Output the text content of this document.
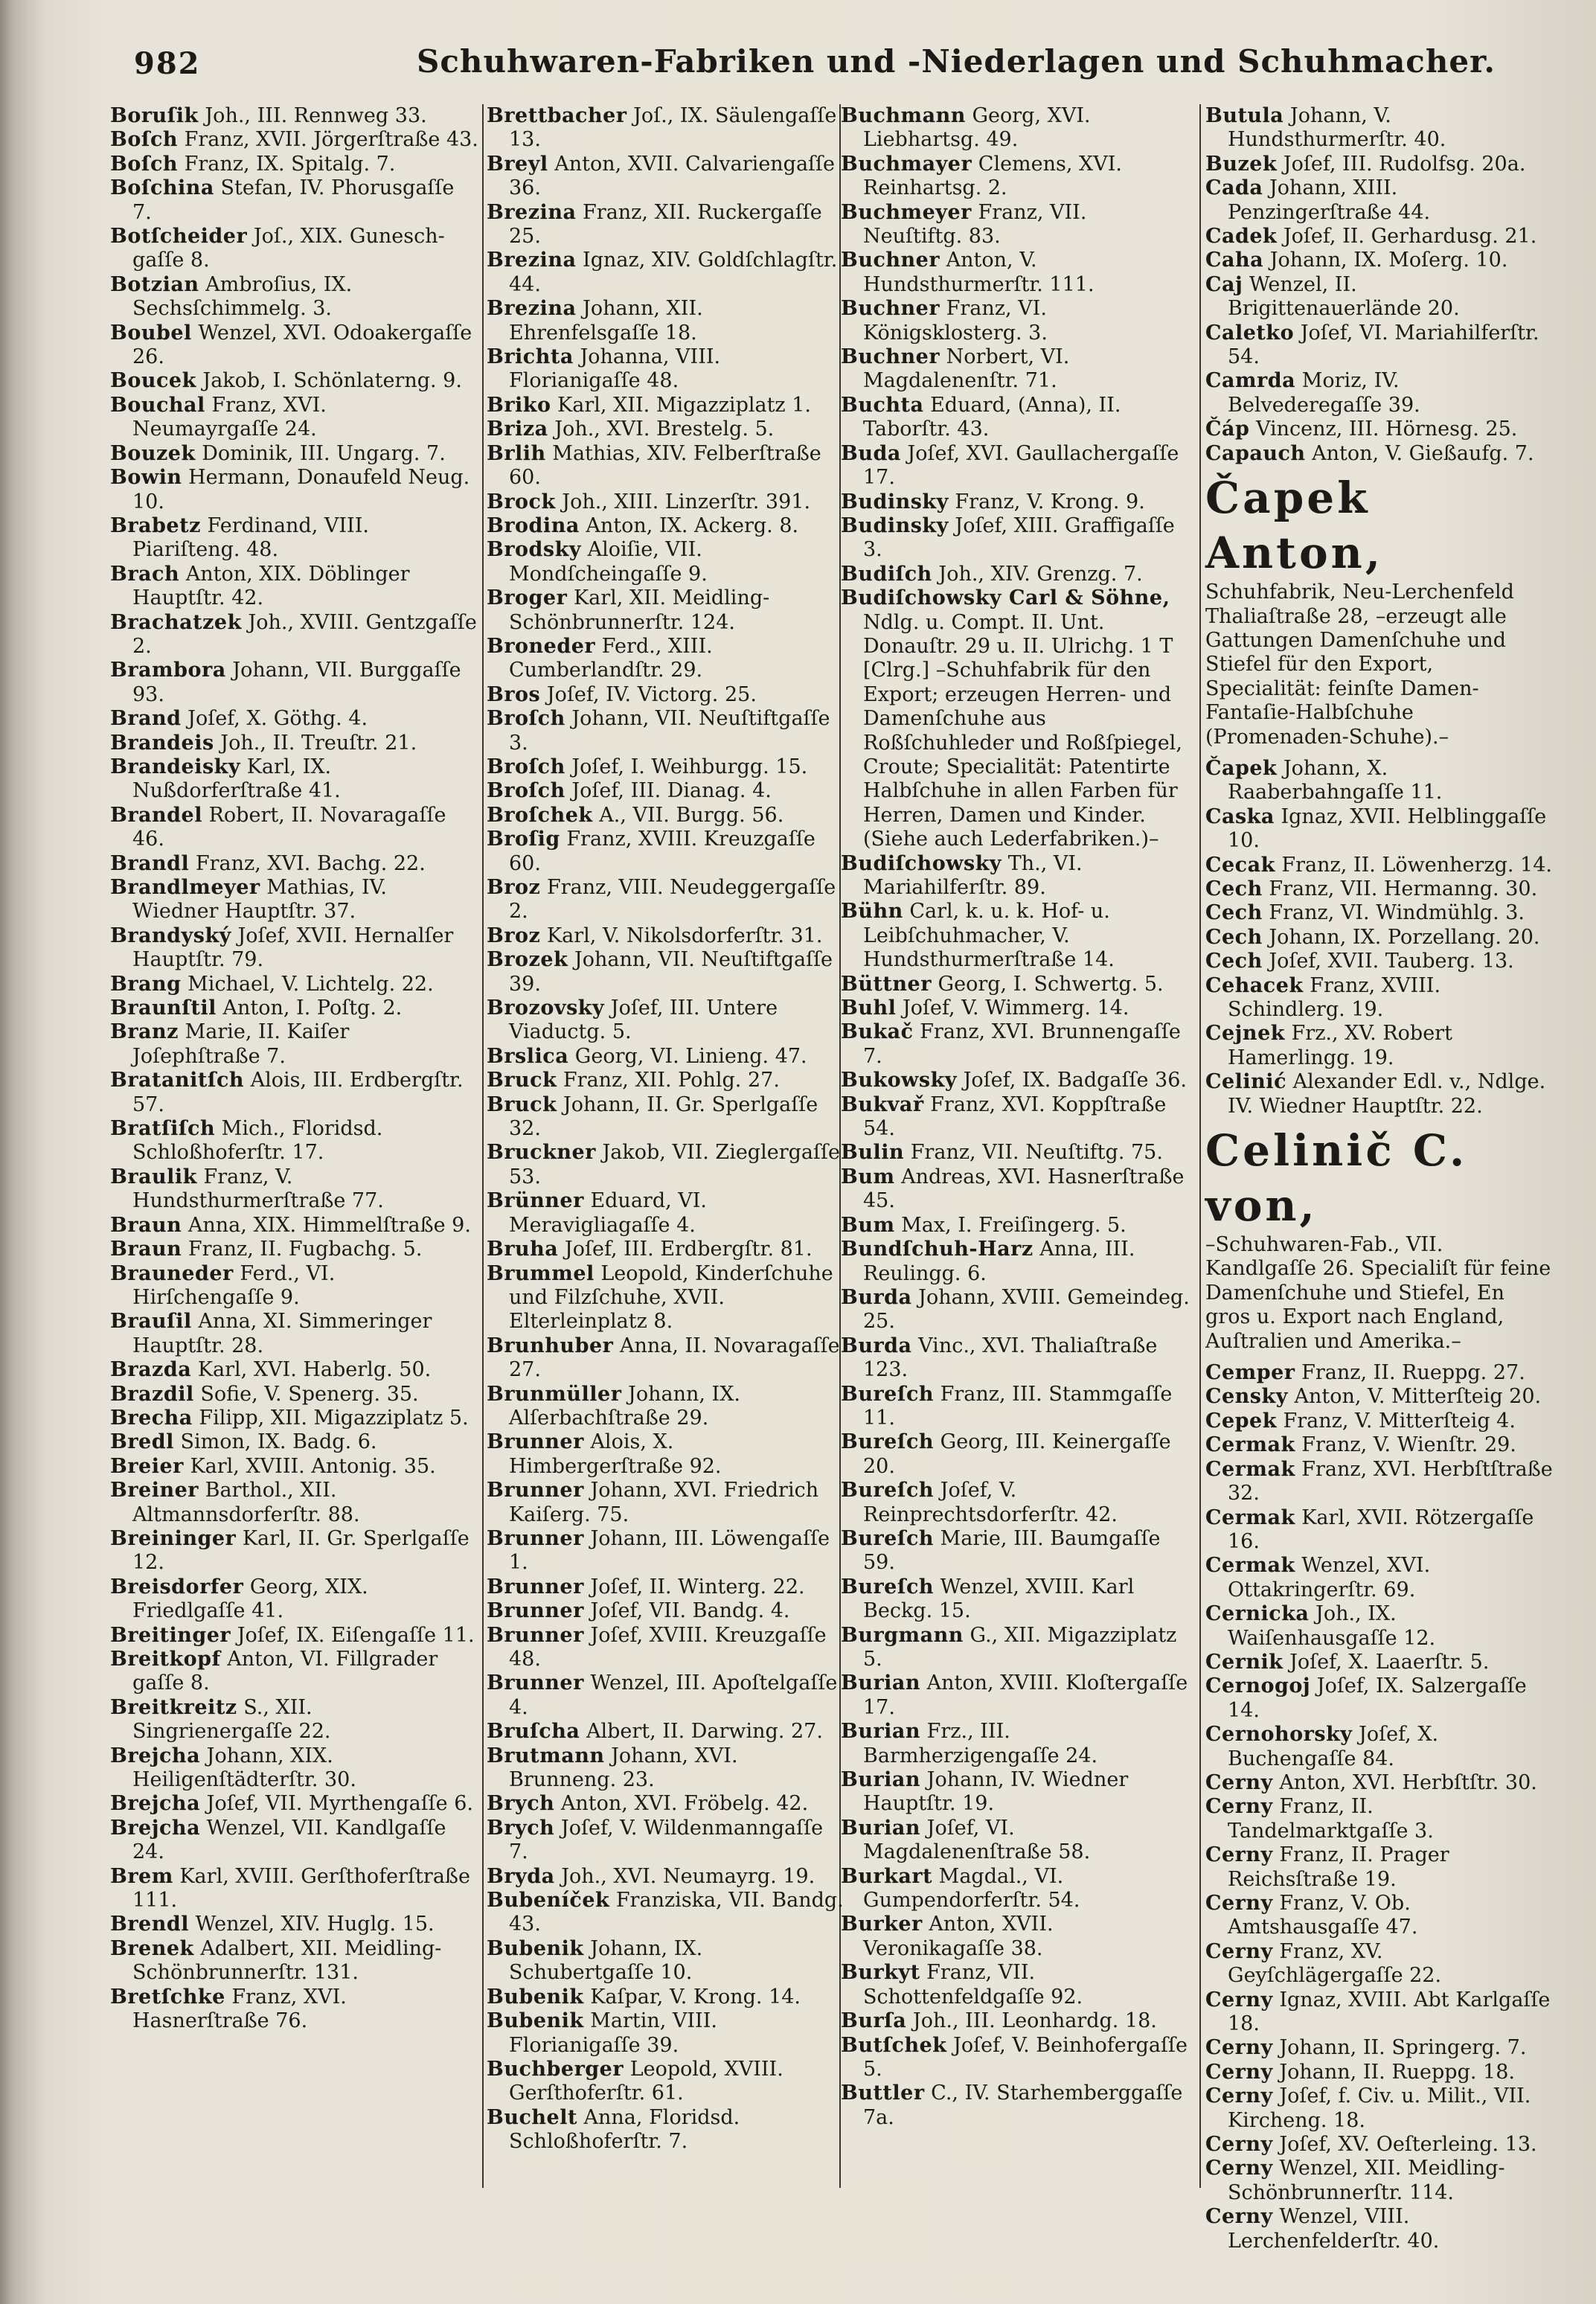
982	Schuhwaren-Fabriken und -Niederlagen und Schuhmacher.

Boruſik Joh., III. Rennweg 33.

Boſch Franz, XVII. Jörgerſtraße 43.

Boſch Franz, IX. Spitalg. 7.

Boſchina Stefan, IV. Phorusgaſſe 7.

Botſcheider Joſ., XIX. Gunesch-gaſſe 8.

Botzian Ambroſius, IX. Sechsſchimmelg. 3.

Boubel Wenzel, XVI. Odoakergaſſe 26.

Boucek Jakob, I. Schönlaterng. 9.

Bouchal Franz, XVI. Neumayrgaſſe 24.

Bouzek Dominik, III. Ungarg. 7.

Bowin Hermann, Donaufeld Neug. 10.

Brabetz Ferdinand, VIII. Piariſteng. 48.

Brach Anton, XIX. Döblinger Hauptſtr. 42.

Brachatzek Joh., XVIII. Gentzgaſſe 2.

Brambora Johann, VII. Burggaſſe 93.

Brand Joſef, X. Göthg. 4.

Brandeis Joh., II. Treuſtr. 21.

Brandeisky Karl, IX. Nußdorferſtraße 41.

Brandel Robert, II. Novaragaſſe 46.

Brandl Franz, XVI. Bachg. 22.

Brandlmeyer Mathias, IV. Wiedner Hauptſtr. 37.

Brandyský Joſef, XVII. Hernalſer Hauptſtr. 79.

Brang Michael, V. Lichtelg. 22.

Braunſtil Anton, I. Poſtg. 2.

Branz Marie, II. Kaiſer Joſephſtraße 7.

Bratanitſch Alois, III. Erdbergſtr. 57.

Bratſiſch Mich., Floridsd. Schloßhoferſtr. 17.

Braulik Franz, V. Hundsthurmerſtraße 77.

Braun Anna, XIX. Himmelſtraße 9.

Braun Franz, II. Fugbachg. 5.

Brauneder Ferd., VI. Hirſchengaſſe 9.

Brauſil Anna, XI. Simmeringer Hauptſtr. 28.

Brazda Karl, XVI. Haberlg. 50.

Brazdil Sofie, V. Spenerg. 35.

Brecha Filipp, XII. Migazziplatz 5.

Bredl Simon, IX. Badg. 6.

Breier Karl, XVIII. Antonig. 35.

Breiner Barthol., XII. Altmannsdorferſtr. 88.

Breininger Karl, II. Gr. Sperlgaſſe 12.

Breisdorfer Georg, XIX. Friedlgaſſe 41.

Breitinger Joſef, IX. Eiſengaſſe 11.

Breitkopf Anton, VI. Fillgrader gaſſe 8.

Breitkreitz S., XII. Singrienergaſſe 22.

Brejcha Johann, XIX. Heiligenſtädterſtr. 30.

Brejcha Joſef, VII. Myrthengaſſe 6.

Brejcha Wenzel, VII. Kandlgaſſe 24.

Brem Karl, XVIII. Gerſthoferſtraße 111.

Brendl Wenzel, XIV. Huglg. 15.

Brenek Adalbert, XII. Meidling-Schönbrunnerſtr. 131.

Bretſchke Franz, XVI. Hasnerſtraße 76.

Brettbacher Joſ., IX. Säulengaſſe 13.

Breyl Anton, XVII. Calvariengaſſe 36.

Brezina Franz, XII. Ruckergaſſe 25.

Brezina Ignaz, XIV. Goldſchlagſtr. 44.

Brezina Johann, XII. Ehrenfelsgaſſe 18.

Brichta Johanna, VIII. Florianigaſſe 48.

Briko Karl, XII. Migazziplatz 1.

Briza Joh., XVI. Brestelg. 5.

Brlih Mathias, XIV. Felberſtraße 60.

Brock Joh., XIII. Linzerſtr. 391.

Brodina Anton, IX. Ackerg. 8.

Brodsky Aloiſie, VII. Mondſcheingaſſe 9.

Broger Karl, XII. Meidling-Schönbrunnerſtr. 124.

Broneder Ferd., XIII. Cumberlandſtr. 29.

Bros Joſef, IV. Victorg. 25.

Broſch Johann, VII. Neuſtiftgaſſe 3.

Broſch Joſef, I. Weihburgg. 15.

Broſch Joſef, III. Dianag. 4.

Broſchek A., VII. Burgg. 56.

Broſig Franz, XVIII. Kreuzgaſſe 60.

Broz Franz, VIII. Neudeggergaſſe 2.

Broz Karl, V. Nikolsdorferſtr. 31.

Brozek Johann, VII. Neuſtiftgaſſe 39.

Brozovsky Joſef, III. Untere Viaductg. 5.

Brslica Georg, VI. Linieng. 47.

Bruck Franz, XII. Pohlg. 27.

Bruck Johann, II. Gr. Sperlgaſſe 32.

Bruckner Jakob, VII. Zieglergaſſe 53.

Brünner Eduard, VI. Meravigliagaſſe 4.

Bruha Joſef, III. Erdbergſtr. 81.

Brummel Leopold, Kinderſchuhe und Filzſchuhe, XVII. Elterleinplatz 8.

Brunhuber Anna, II. Novaragaſſe 27.

Brunmüller Johann, IX. Alſerbachſtraße 29.

Brunner Alois, X. Himbergerſtraße 92.

Brunner Johann, XVI. Friedrich Kaiſerg. 75.

Brunner Johann, III. Löwengaſſe 1.

Brunner Joſef, II. Winterg. 22.

Brunner Joſef, VII. Bandg. 4.

Brunner Joſef, XVIII. Kreuzgaſſe 48.

Brunner Wenzel, III. Apoſtelgaſſe 4.

Bruſcha Albert, II. Darwing. 27.

Brutmann Johann, XVI. Brunneng. 23.

Brych Anton, XVI. Fröbelg. 42.

Brych Joſef, V. Wildenmanngaſſe 7.

Bryda Joh., XVI. Neumayrg. 19.

Bubeníček Franziska, VII. Bandg. 43.

Bubenik Johann, IX. Schubertgaſſe 10.

Bubenik Kaſpar, V. Krong. 14.

Bubenik Martin, VIII. Florianigaſſe 39.

Buchberger Leopold, XVIII. Gerſthoferſtr. 61.

Buchelt Anna, Floridsd. Schloßhoferſtr. 7.

Buchmann Georg, XVI. Liebhartsg. 49.

Buchmayer Clemens, XVI. Reinhartsg. 2.

Buchmeyer Franz, VII. Neuſtiftg. 83.

Buchner Anton, V. Hundsthurmerſtr. 111.

Buchner Franz, VI. Königsklosterg. 3.

Buchner Norbert, VI. Magdalenenſtr. 71.

Buchta Eduard, (Anna), II. Taborſtr. 43.

Buda Joſef, XVI. Gaullachergaſſe 17.

Budinsky Franz, V. Krong. 9.

Budinsky Joſef, XIII. Graffigaſſe 3.

Budiſch Joh., XIV. Grenzg. 7.

Budiſchowsky Carl & Söhne, Ndlg. u. Compt. II. Unt. Donauſtr. 29 u. II. Ulrichg. 1 T [Clrg.] –Schuhfabrik für den Export; erzeugen Herren- und Damenſchuhe aus Roßſchuhleder und Roßſpiegel, Croute; Specialität: Patentirte Halbſchuhe in allen Farben für Herren, Damen und Kinder. (Siehe auch Lederfabriken.)–

Budiſchowsky Th., VI. Mariahilferſtr. 89.

Bühn Carl, k. u. k. Hof- u. Leibſchuhmacher, V. Hundsthurmerſtraße 14.

Büttner Georg, I. Schwertg. 5.

Buhl Joſef, V. Wimmerg. 14.

Bukač Franz, XVI. Brunnengaſſe 7.

Bukowsky Joſef, IX. Badgaſſe 36.

Bukvař Franz, XVI. Koppſtraße 54.

Bulin Franz, VII. Neuſtiftg. 75.

Bum Andreas, XVI. Hasnerſtraße 45.

Bum Max, I. Freiſingerg. 5.

Bundſchuh-Harz Anna, III. Reulingg. 6.

Burda Johann, XVIII. Gemeindeg. 25.

Burda Vinc., XVI. Thaliaſtraße 123.

Bureſch Franz, III. Stammgaſſe 11.

Bureſch Georg, III. Keinergaſſe 20.

Bureſch Joſef, V. Reinprechtsdorferſtr. 42.

Bureſch Marie, III. Baumgaſſe 59.

Bureſch Wenzel, XVIII. Karl Beckg. 15.

Burgmann G., XII. Migazziplatz 5.

Burian Anton, XVIII. Kloſtergaſſe 17.

Burian Frz., III. Barmherzigengaſſe 24.

Burian Johann, IV. Wiedner Hauptſtr. 19.

Burian Joſef, VI. Magdalenenſtraße 58.

Burkart Magdal., VI. Gumpendorferſtr. 54.

Burker Anton, XVII. Veronikagaſſe 38.

Burkyt Franz, VII. Schottenfeldgaſſe 92.

Burſa Joh., III. Leonhardg. 18.

Butſchek Joſef, V. Beinhofergaſſe 5.

Buttler C., IV. Starhemberggaſſe 7a.

Butula Johann, V. Hundsthurmerſtr. 40.

Buzek Joſef, III. Rudolfsg. 20a.

Cada Johann, XIII. Penzingerſtraße 44.

Cadek Joſef, II. Gerhardusg. 21.

Caha Johann, IX. Moſerg. 10.

Caj Wenzel, II. Brigittenauerlände 20.

Caletko Joſef, VI. Mariahilferſtr. 54.

Camrda Moriz, IV. Belvederegaſſe 39.

Čáp Vincenz, III. Hörnesg. 25.

Capauch Anton, V. Gießaufg. 7.

Čapek Anton,

Schuhfabrik, Neu-Lerchenfeld Thaliaſtraße 28, –erzeugt alle Gattungen Damenſchuhe und Stiefel für den Export, Specialität: feinſte Damen-Fantaſie-Halbſchuhe (Promenaden-Schuhe).–

Čapek Johann, X. Raaberbahngaſſe 11.

Caska Ignaz, XVII. Helblinggaſſe 10.

Cecak Franz, II. Löwenherzg. 14.

Cech Franz, VII. Hermanng. 30.

Cech Franz, VI. Windmühlg. 3.

Cech Johann, IX. Porzellang. 20.

Cech Joſef, XVII. Tauberg. 13.

Cehacek Franz, XVIII. Schindlerg. 19.

Cejnek Frz., XV. Robert Hamerlingg. 19.

Celinić Alexander Edl. v., Ndlge. IV. Wiedner Hauptſtr. 22.

Celinič C. von,

–Schuhwaren-Fab., VII. Kandlgaſſe 26. Specialiſt für feine Damenſchuhe und Stiefel, En gros u. Export nach England, Auſtralien und Amerika.–

Cemper Franz, II. Rueppg. 27.

Censky Anton, V. Mitterſteig 20.

Cepek Franz, V. Mitterſteig 4.

Cermak Franz, V. Wienſtr. 29.

Cermak Franz, XVI. Herbſtſtraße 32.

Cermak Karl, XVII. Rötzergaſſe 16.

Cermak Wenzel, XVI. Ottakringerſtr. 69.

Cernicka Joh., IX. Waiſenhausgaſſe 12.

Cernik Joſef, X. Laaerſtr. 5.

Cernogoj Joſef, IX. Salzergaſſe 14.

Cernohorsky Joſef, X. Buchengaſſe 84.

Cerny Anton, XVI. Herbſtſtr. 30.

Cerny Franz, II. Tandelmarktgaſſe 3.

Cerny Franz, II. Prager Reichsſtraße 19.

Cerny Franz, V. Ob. Amtshausgaſſe 47.

Cerny Franz, XV. Geyſchlägergaſſe 22.

Cerny Ignaz, XVIII. Abt Karlgaſſe 18.

Cerny Johann, II. Springerg. 7.

Cerny Johann, II. Rueppg. 18.

Cerny Joſef, f. Civ. u. Milit., VII. Kircheng. 18.

Cerny Joſef, XV. Oeſterleing. 13.

Cerny Wenzel, XII. Meidling-Schönbrunnerſtr. 114.

Cerny Wenzel, VIII. Lerchenfelderſtr. 40.
